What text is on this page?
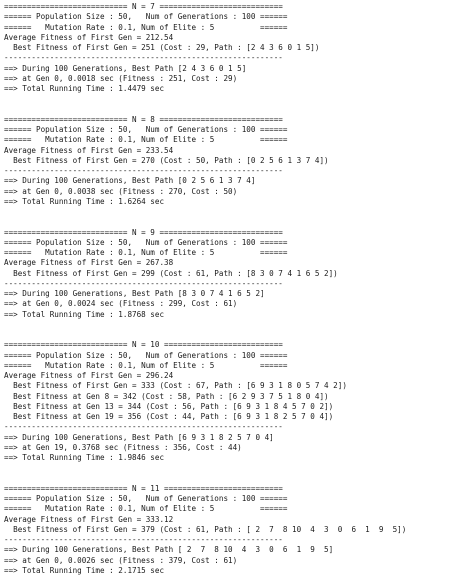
=========================== N = 7 ===========================
====== Population Size : 50,   Num of Generations : 100 ======
======   Mutation Rate : 0.1, Num of Elite : 5          ======
Average Fitness of First Gen = 212.54
Best Fitness of First Gen = 251 (Cost : 29, Path : [2 4 3 6 0 1 5])
-------------------------------------------------------------
==> During 100 Generations, Best Path [2 4 3 6 0 1 5]
==> at Gen 0, 0.0018 sec (Fitness : 251, Cost : 29)
==> Total Running Time : 1.4479 sec
=========================== N = 8 ===========================
====== Population Size : 50,   Num of Generations : 100 ======
======   Mutation Rate : 0.1, Num of Elite : 5          ======
Average Fitness of First Gen = 233.54
Best Fitness of First Gen = 270 (Cost : 50, Path : [0 2 5 6 1 3 7 4])
-------------------------------------------------------------
==> During 100 Generations, Best Path [0 2 5 6 1 3 7 4]
==> at Gen 0, 0.0038 sec (Fitness : 270, Cost : 50)
==> Total Running Time : 1.6264 sec
=========================== N = 9 ===========================
====== Population Size : 50,   Num of Generations : 100 ======
======   Mutation Rate : 0.1, Num of Elite : 5          ======
Average Fitness of First Gen = 267.38
Best Fitness of First Gen = 299 (Cost : 61, Path : [8 3 0 7 4 1 6 5 2])
-------------------------------------------------------------
==> During 100 Generations, Best Path [8 3 0 7 4 1 6 5 2]
==> at Gen 0, 0.0024 sec (Fitness : 299, Cost : 61)
==> Total Running Time : 1.8768 sec
=========================== N = 10 ==========================
====== Population Size : 50,   Num of Generations : 100 ======
======   Mutation Rate : 0.1, Num of Elite : 5          ======
Average Fitness of First Gen = 296.24
Best Fitness of First Gen = 333 (Cost : 67, Path : [6 9 3 1 8 0 5 7 4 2])
Best Fitness at Gen 8 = 342 (Cost : 58, Path : [6 2 9 3 7 5 1 8 0 4])
Best Fitness at Gen 13 = 344 (Cost : 56, Path : [6 9 3 1 8 4 5 7 0 2])
Best Fitness at Gen 19 = 356 (Cost : 44, Path : [6 9 3 1 8 2 5 7 0 4])
-------------------------------------------------------------
==> During 100 Generations, Best Path [6 9 3 1 8 2 5 7 0 4]
==> at Gen 19, 0.3768 sec (Fitness : 356, Cost : 44)
==> Total Running Time : 1.9846 sec
=========================== N = 11 ==========================
====== Population Size : 50,   Num of Generations : 100 ======
======   Mutation Rate : 0.1, Num of Elite : 5          ======
Average Fitness of First Gen = 333.12
Best Fitness of First Gen = 379 (Cost : 61, Path : [ 2  7  8 10  4  3  0  6  1  9  5])
-------------------------------------------------------------
==> During 100 Generations, Best Path [ 2  7  8 10  4  3  0  6  1  9  5]
==> at Gen 0, 0.0026 sec (Fitness : 379, Cost : 61)
==> Total Running Time : 2.1715 sec
